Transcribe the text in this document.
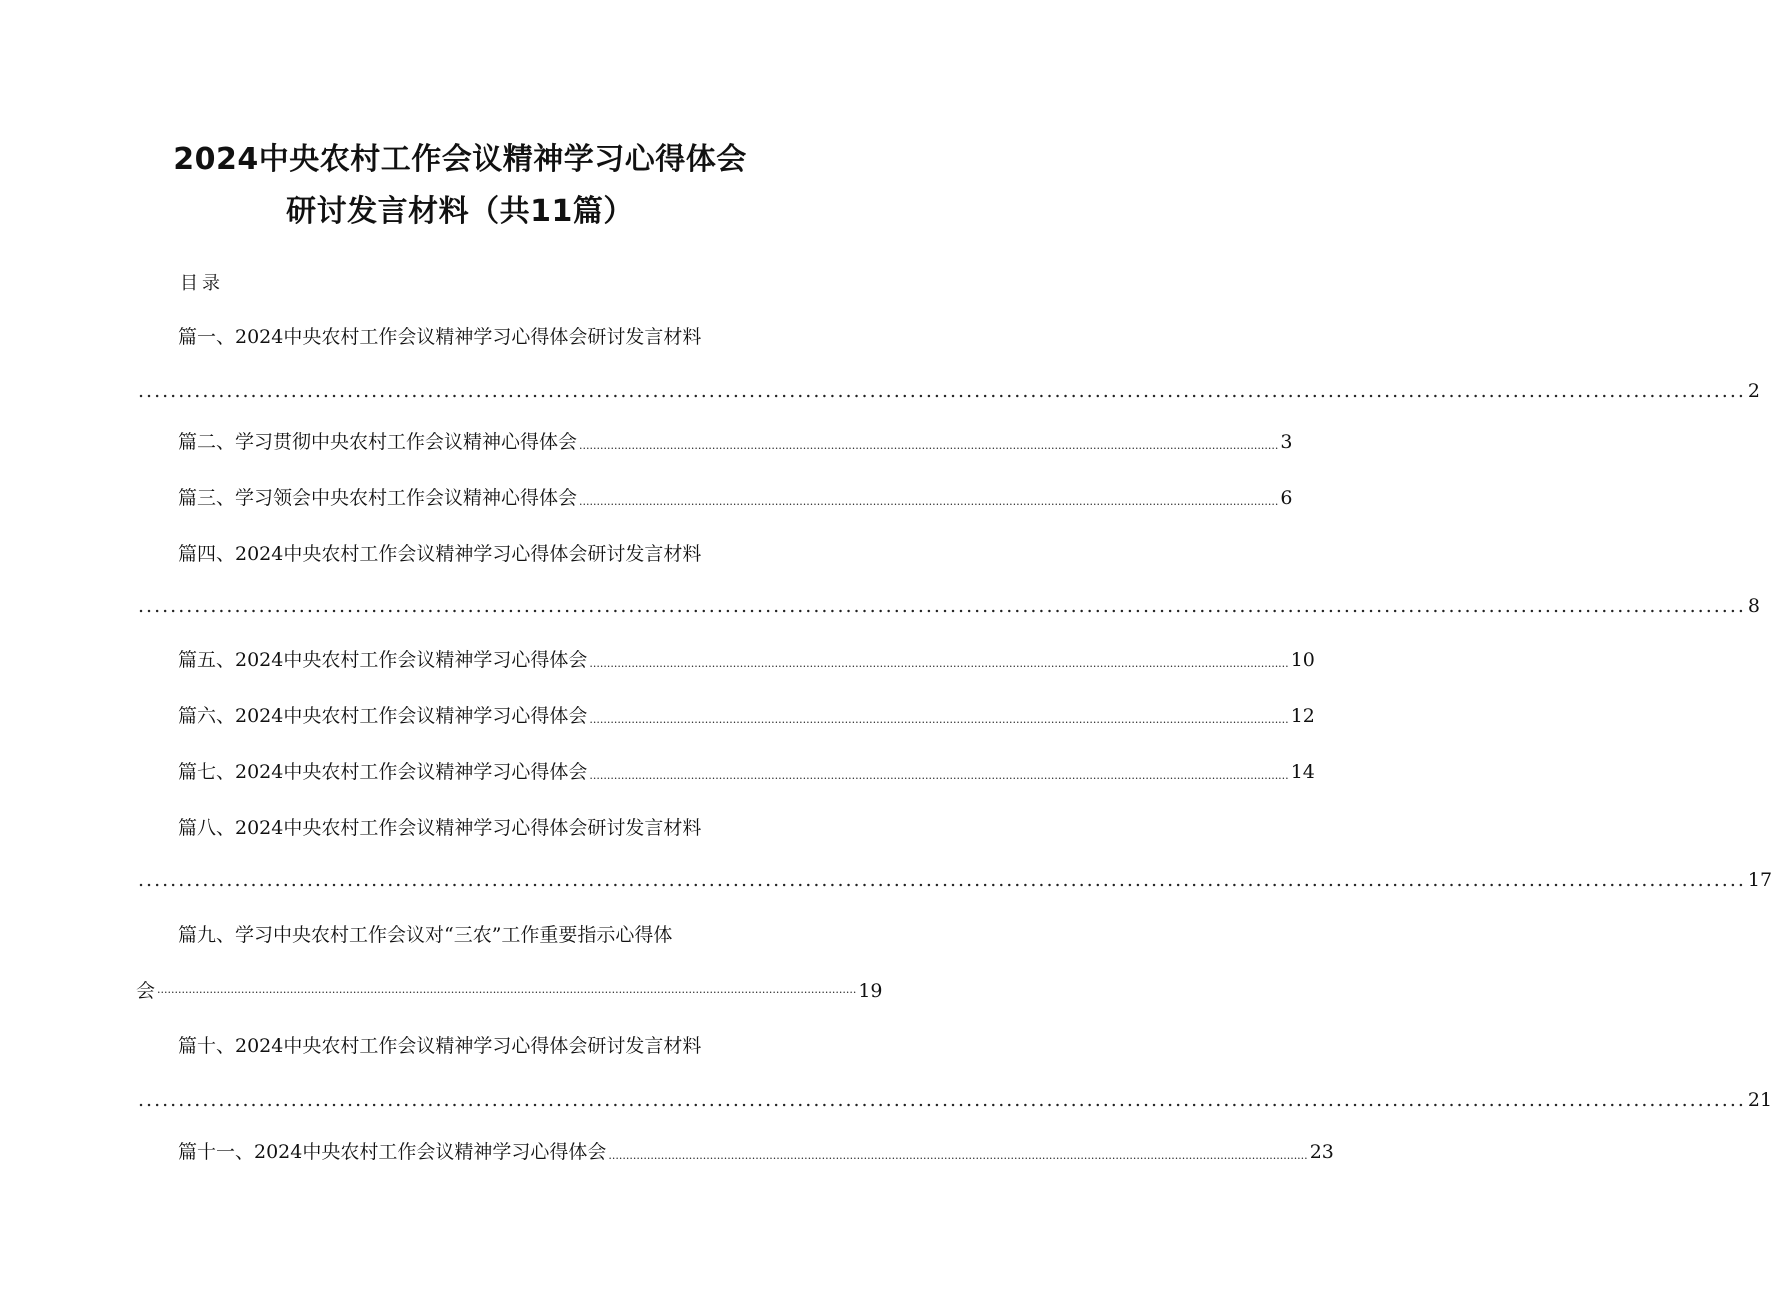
2024中央农村工作会议精神学习心得体会
研讨发言材料（共11篇）
目录
篇一、2024中央农村工作会议精神学习心得体会研讨发言材料
........................................................................................................................................................................................................ 2
篇二、学习贯彻中央农村工作会议精神心得体会 ........................................................................................................................................................................................................ 3
篇三、学习领会中央农村工作会议精神心得体会 ........................................................................................................................................................................................................ 6
篇四、2024中央农村工作会议精神学习心得体会研讨发言材料
........................................................................................................................................................................................................ 8
篇五、2024中央农村工作会议精神学习心得体会 ........................................................................................................................................................................................................ 10
篇六、2024中央农村工作会议精神学习心得体会 ........................................................................................................................................................................................................ 12
篇七、2024中央农村工作会议精神学习心得体会 ........................................................................................................................................................................................................ 14
篇八、2024中央农村工作会议精神学习心得体会研讨发言材料
........................................................................................................................................................................................................ 17
篇九、学习中央农村工作会议对“三农”工作重要指示心得体
会 ........................................................................................................................................................................................................ 19
篇十、2024中央农村工作会议精神学习心得体会研讨发言材料
........................................................................................................................................................................................................ 21
篇十一、2024中央农村工作会议精神学习心得体会 ........................................................................................................................................................................................................ 23
